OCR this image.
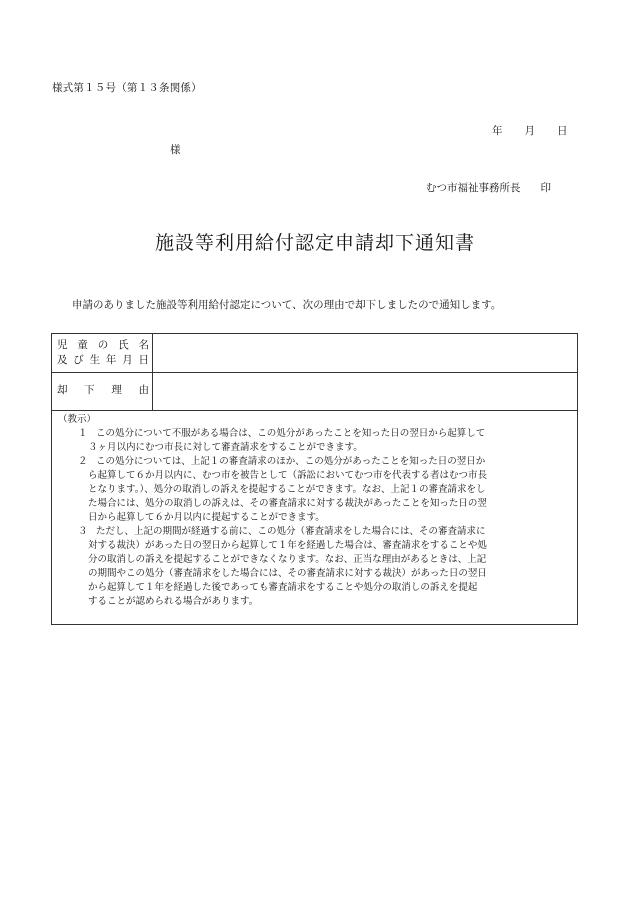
様式第１５号（第１３条関係）
年 月 日
様
むつ市福祉事務所長 印
施設等利用給付認定申請却下通知書
申請のありました施設等利用給付認定について、次の理由で却下しましたので通知します。
児童の氏名
及び生年月日
却下理由
（教示）
１ この処分について不服がある場合は、この処分があったことを知った日の翌日から起算して
３ヶ月以内にむつ市長に対して審査請求をすることができます。
２ この処分については、上記１の審査請求のほか、この処分があったことを知った日の翌日か
ら起算して６か月以内に、むつ市を被告として（訴訟においてむつ市を代表する者はむつ市長
となります。）、処分の取消しの訴えを提起することができます。なお、上記１の審査請求をし
た場合には、処分の取消しの訴えは、その審査請求に対する裁決があったことを知った日の翌
日から起算して６か月以内に提起することができます。
３ ただし、上記の期間が経過する前に、この処分（審査請求をした場合には、その審査請求に
対する裁決）があった日の翌日から起算して１年を経過した場合は、審査請求をすることや処
分の取消しの訴えを提起することができなくなります。なお、正当な理由があるときは、上記
の期間やこの処分（審査請求をした場合には、その審査請求に対する裁決）があった日の翌日
から起算して１年を経過した後であっても審査請求をすることや処分の取消しの訴えを提起
することが認められる場合があります。
